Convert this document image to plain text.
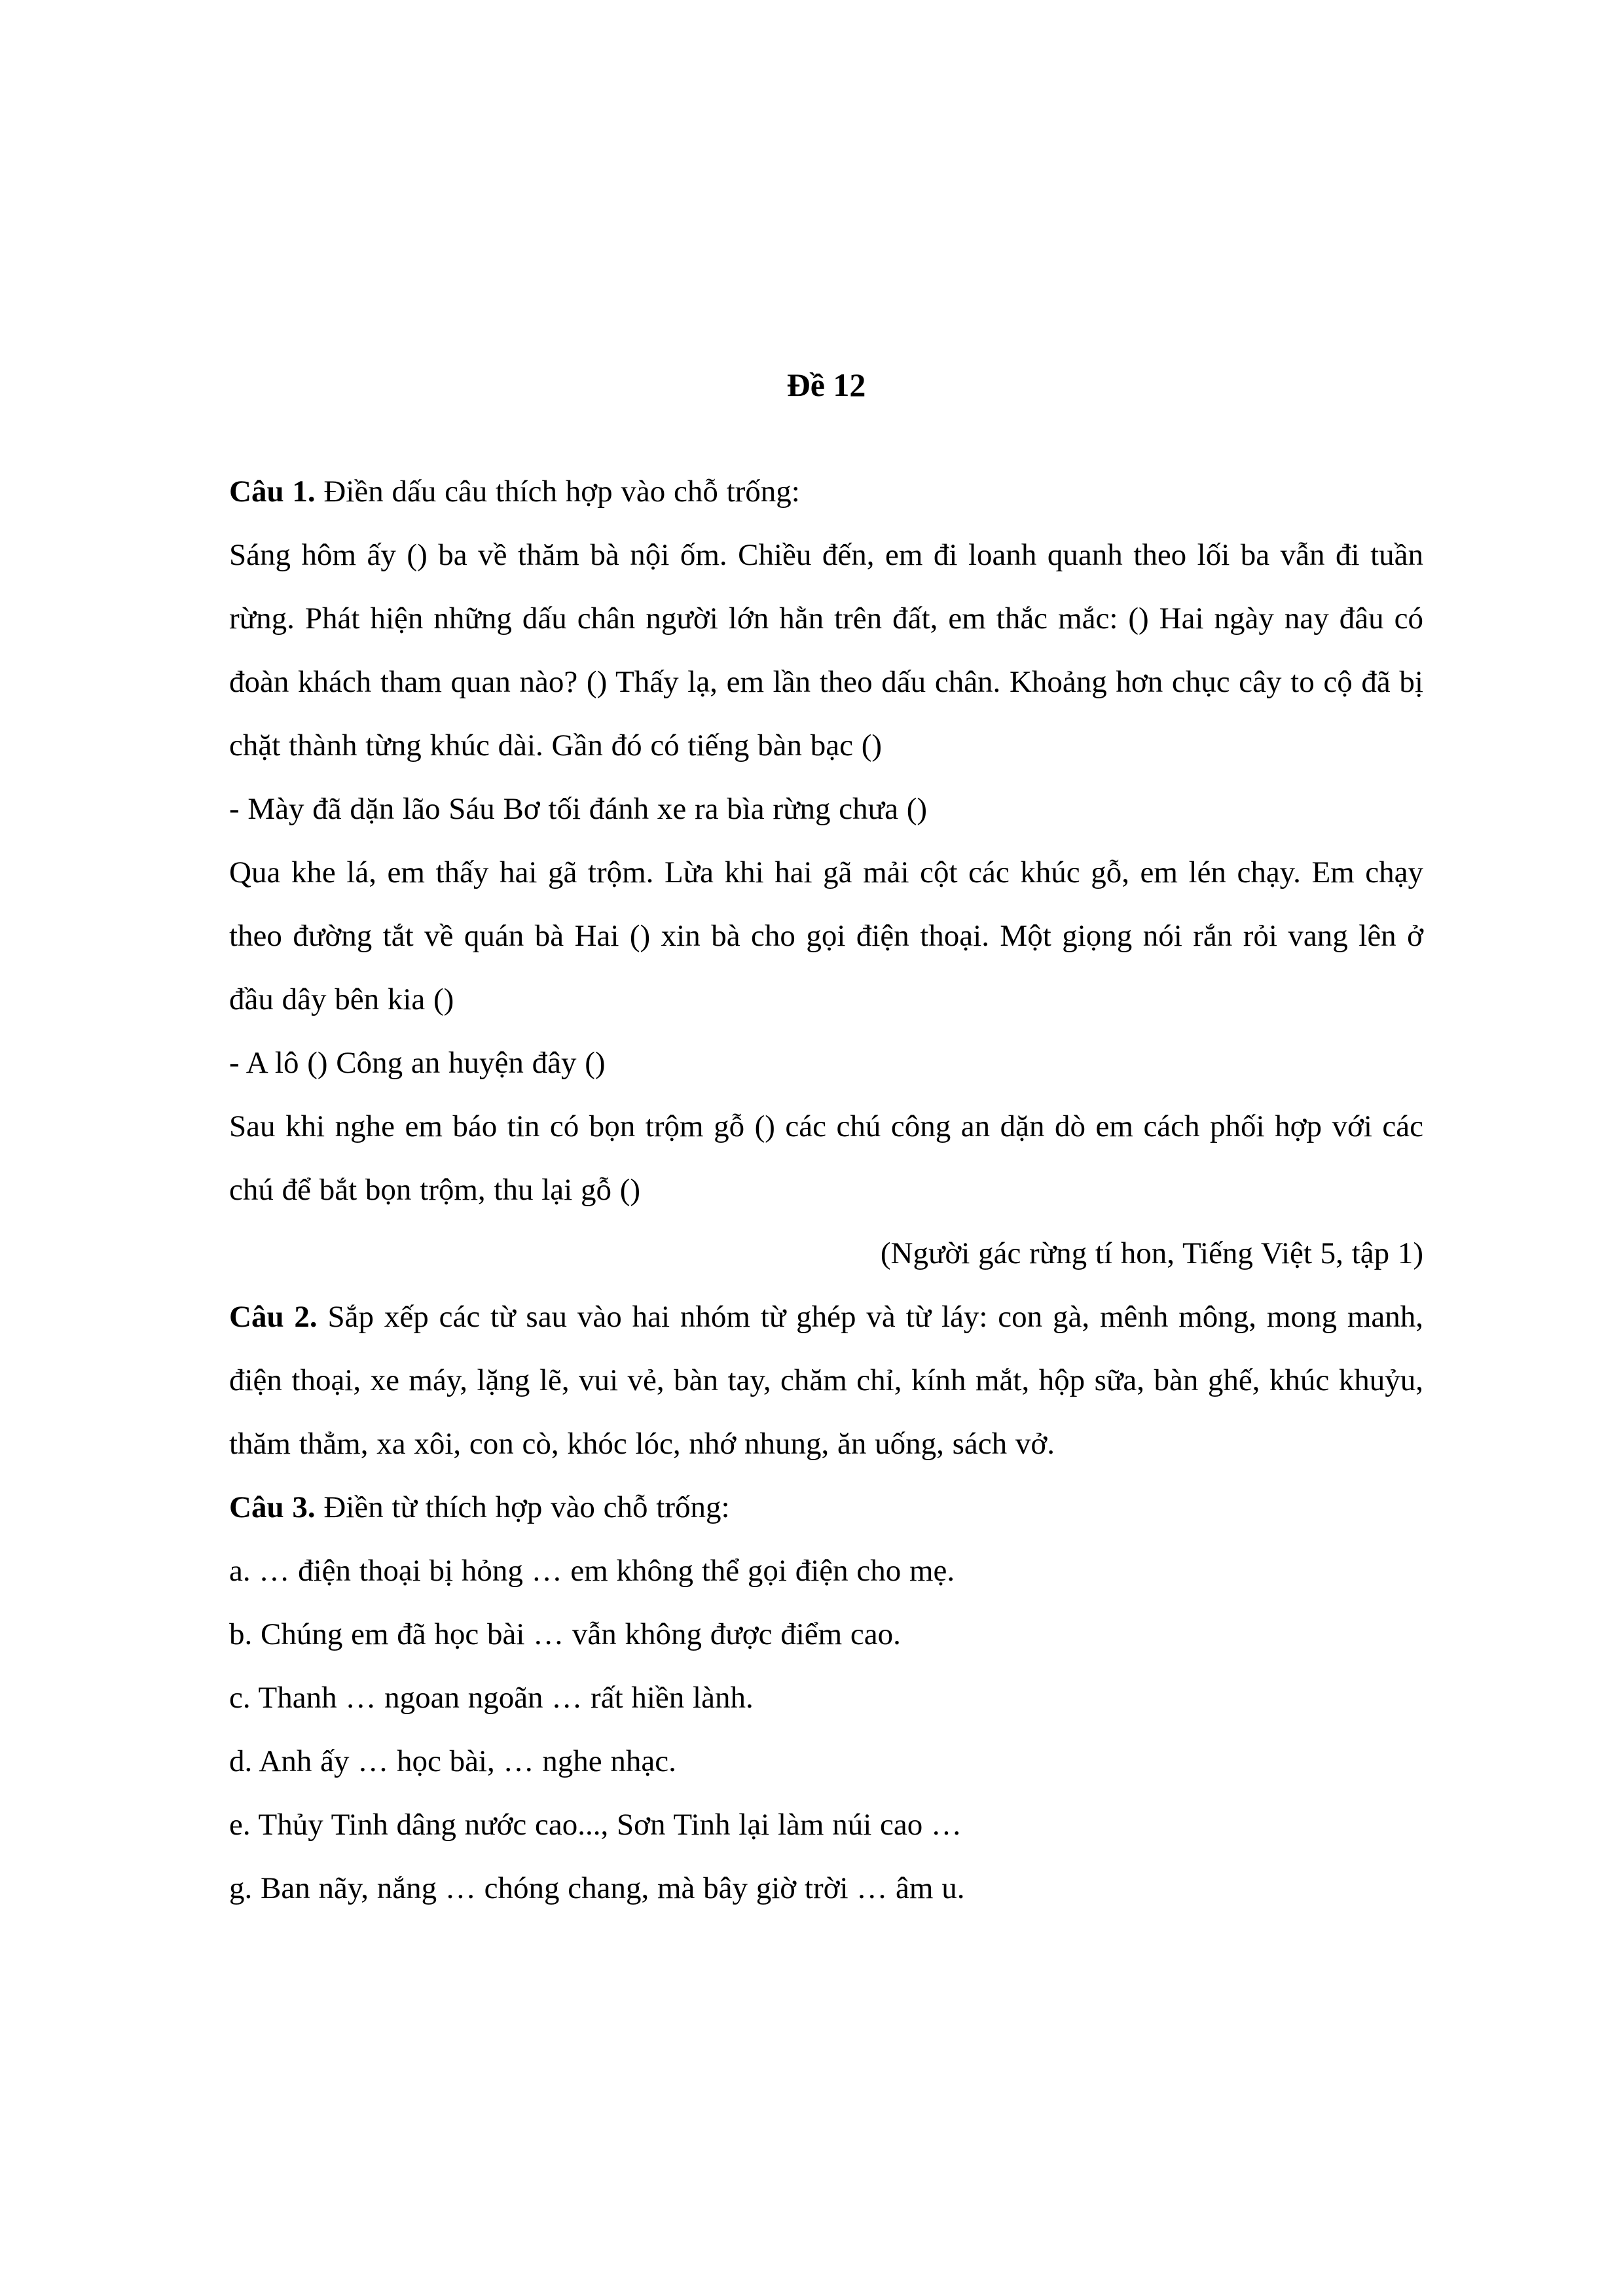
Đề 12

Câu 1. Điền dấu câu thích hợp vào chỗ trống:

Sáng hôm ấy () ba về thăm bà nội ốm. Chiều đến, em đi loanh quanh theo lối ba vẫn đi tuần rừng. Phát hiện những dấu chân người lớn hằn trên đất, em thắc mắc: () Hai ngày nay đâu có đoàn khách tham quan nào? () Thấy lạ, em lần theo dấu chân. Khoảng hơn chục cây to cộ đã bị chặt thành từng khúc dài. Gần đó có tiếng bàn bạc ()

- Mày đã dặn lão Sáu Bơ tối đánh xe ra bìa rừng chưa ()

Qua khe lá, em thấy hai gã trộm. Lừa khi hai gã mải cột các khúc gỗ, em lén chạy. Em chạy theo đường tắt về quán bà Hai () xin bà cho gọi điện thoại. Một giọng nói rắn rỏi vang lên ở đầu dây bên kia ()

- A lô () Công an huyện đây ()

Sau khi nghe em báo tin có bọn trộm gỗ () các chú công an dặn dò em cách phối hợp với các chú để bắt bọn trộm, thu lại gỗ ()

(Người gác rừng tí hon, Tiếng Việt 5, tập 1)

Câu 2. Sắp xếp các từ sau vào hai nhóm từ ghép và từ láy: con gà, mênh mông, mong manh, điện thoại, xe máy, lặng lẽ, vui vẻ, bàn tay, chăm chỉ, kính mắt, hộp sữa, bàn ghế, khúc khuỷu, thăm thẳm, xa xôi, con cò, khóc lóc, nhớ nhung, ăn uống, sách vở.

Câu 3. Điền từ thích hợp vào chỗ trống:

a. … điện thoại bị hỏng … em không thể gọi điện cho mẹ.

b. Chúng em đã học bài … vẫn không được điểm cao.

c. Thanh … ngoan ngoãn … rất hiền lành.

d. Anh ấy … học bài, … nghe nhạc.

e. Thủy Tinh dâng nước cao..., Sơn Tinh lại làm núi cao …

g. Ban nãy, nắng … chóng chang, mà bây giờ trời … âm u.
